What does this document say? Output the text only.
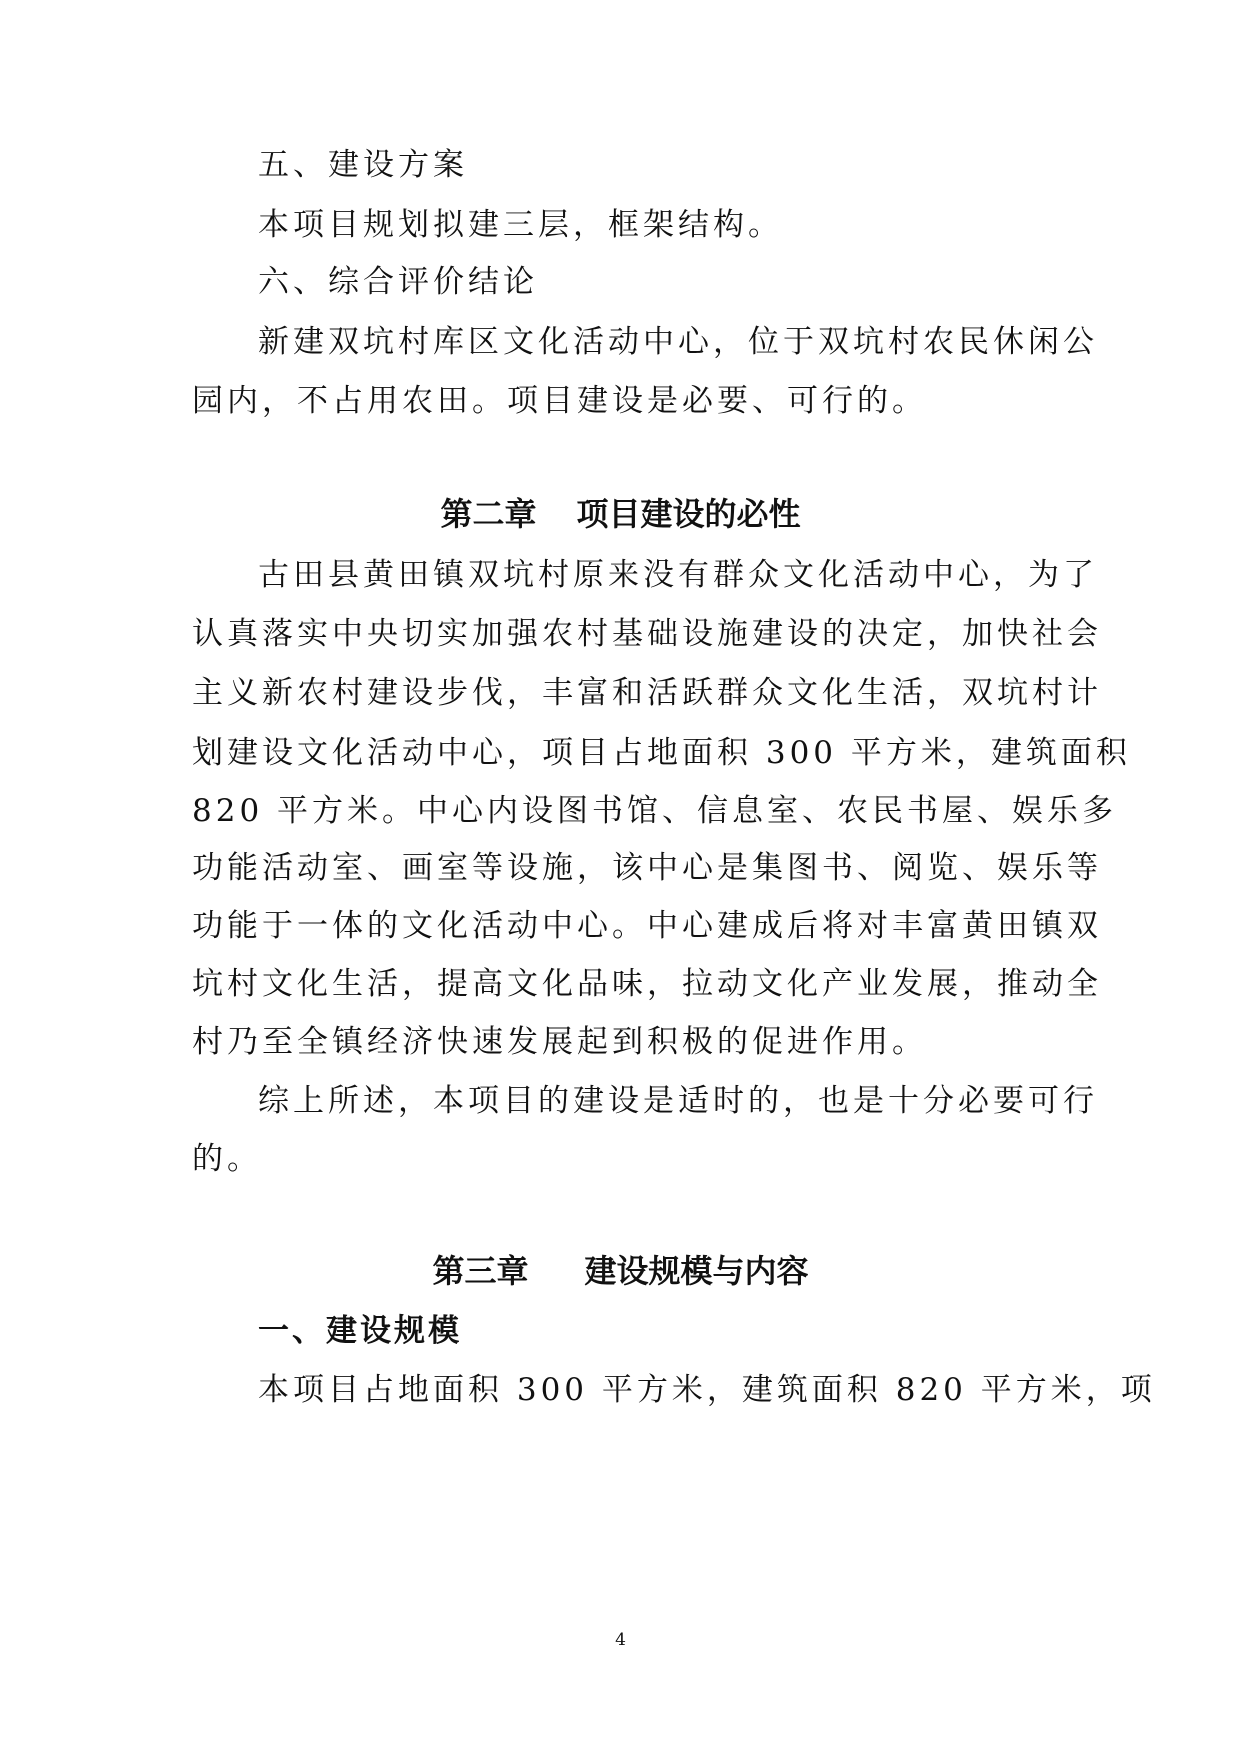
五、建设方案
本项目规划拟建三层，框架结构。
六、综合评价结论
新建双坑村库区文化活动中心，位于双坑村农民休闲公
园内，不占用农田。项目建设是必要、可行的。
第二章 项目建设的必性
古田县黄田镇双坑村原来没有群众文化活动中心，为了
认真落实中央切实加强农村基础设施建设的决定，加快社会
主义新农村建设步伐，丰富和活跃群众文化生活，双坑村计
划建设文化活动中心，项目占地面积 300 平方米，建筑面积
820 平方米。中心内设图书馆、信息室、农民书屋、娱乐多
功能活动室、画室等设施，该中心是集图书、阅览、娱乐等
功能于一体的文化活动中心。中心建成后将对丰富黄田镇双
坑村文化生活，提高文化品味，拉动文化产业发展，推动全
村乃至全镇经济快速发展起到积极的促进作用。
综上所述，本项目的建设是适时的，也是十分必要可行
的。
第三章 建设规模与内容
一、建设规模
本项目占地面积 300 平方米，建筑面积 820 平方米，项
4
